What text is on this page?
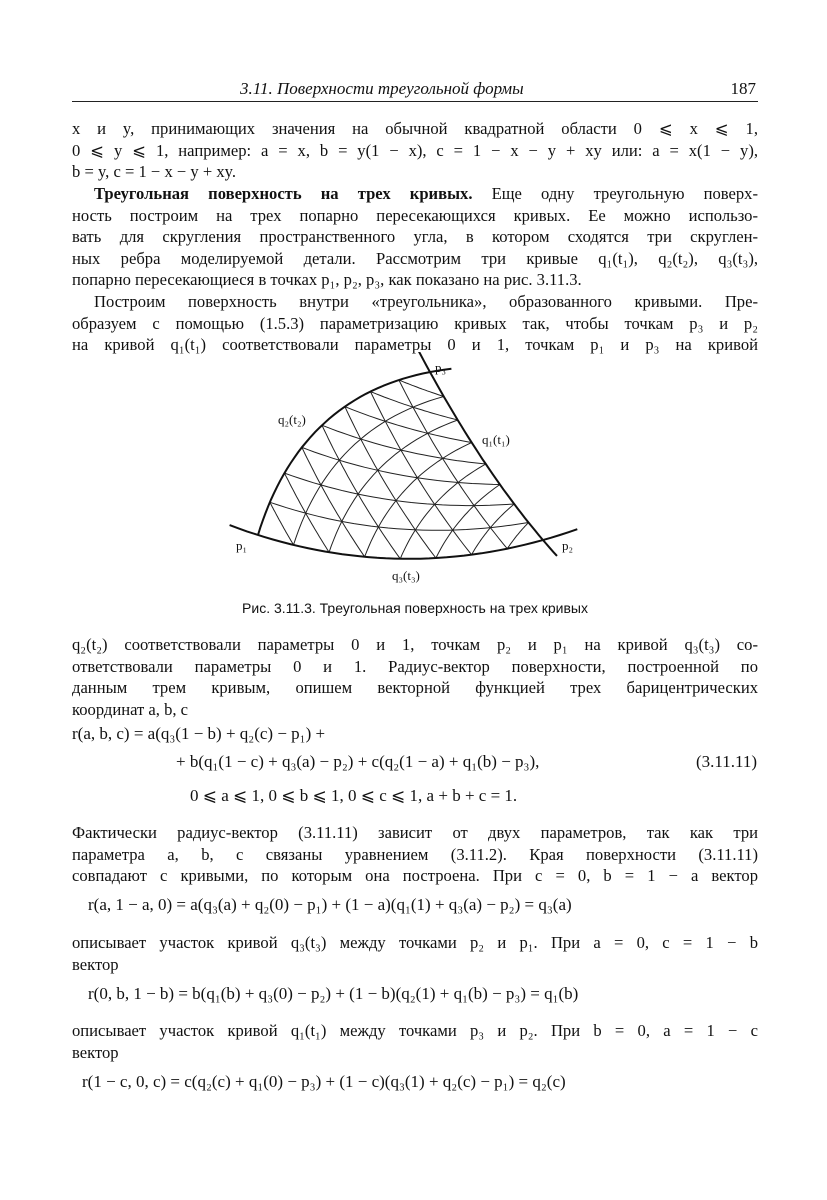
3.11. Поверхности треугольной формы	187

x и y, принимающих значения на обычной квадратной области 0 ⩽ x ⩽ 1,
0 ⩽ y ⩽ 1, например: a = x, b = y(1 − x), c = 1 − x − y + xy или: a = x(1 − y),
b = y, c = 1 − x − y + xy.

Треугольная поверхность на трех кривых. Еще одну треугольную поверх-
ность построим на трех попарно пересекающихся кривых. Ее можно использо-
вать для скругления пространственного угла, в котором сходятся три скруглен-
ных ребра моделируемой детали. Рассмотрим три кривые q₁(t₁), q₂(t₂), q₃(t₃),
попарно пересекающиеся в точках p₁, p₂, p₃, как показано на рис. 3.11.3.

Построим поверхность внутри «треугольника», образованного кривыми. Пре-
образуем с помощью (1.5.3) параметризацию кривых так, чтобы точкам p₃ и p₂
на кривой q₁(t₁) соответствовали параметры 0 и 1, точкам p₁ и p₃ на кривой

p₃
p₁	p₂
q₁(t₁)
q₂(t₂)
q₃(t₃)
Рис. 3.11.3. Треугольная поверхность на трех кривых

q₂(t₂) соответствовали параметры 0 и 1, точкам p₂ и p₁ на кривой q₃(t₃) со-
ответствовали параметры 0 и 1. Радиус-вектор поверхности, построенной по
данным трем кривым, опишем векторной функцией трех барицентрических
координат a, b, c

r(a, b, c) = a(q₃(1 − b) + q₂(c) − p₁) +
+ b(q₁(1 − c) + q₃(a) − p₂) + c(q₂(1 − a) + q₁(b) − p₃),	(3.11.11)
0 ⩽ a ⩽ 1, 0 ⩽ b ⩽ 1, 0 ⩽ c ⩽ 1, a + b + c = 1.

Фактически радиус-вектор (3.11.11) зависит от двух параметров, так как три
параметра a, b, c связаны уравнением (3.11.2). Края поверхности (3.11.11)
совпадают с кривыми, по которым она построена. При c = 0, b = 1 − a вектор

r(a, 1 − a, 0) = a(q₃(a) + q₂(0) − p₁) + (1 − a)(q₁(1) + q₃(a) − p₂) = q₃(a)

описывает участок кривой q₃(t₃) между точками p₂ и p₁. При a = 0, c = 1 − b
вектор

r(0, b, 1 − b) = b(q₁(b) + q₃(0) − p₂) + (1 − b)(q₂(1) + q₁(b) − p₃) = q₁(b)

описывает участок кривой q₁(t₁) между точками p₃ и p₂. При b = 0, a = 1 − c
вектор

r(1 − c, 0, c) = c(q₂(c) + q₁(0) − p₃) + (1 − c)(q₃(1) + q₂(c) − p₁) = q₂(c)
